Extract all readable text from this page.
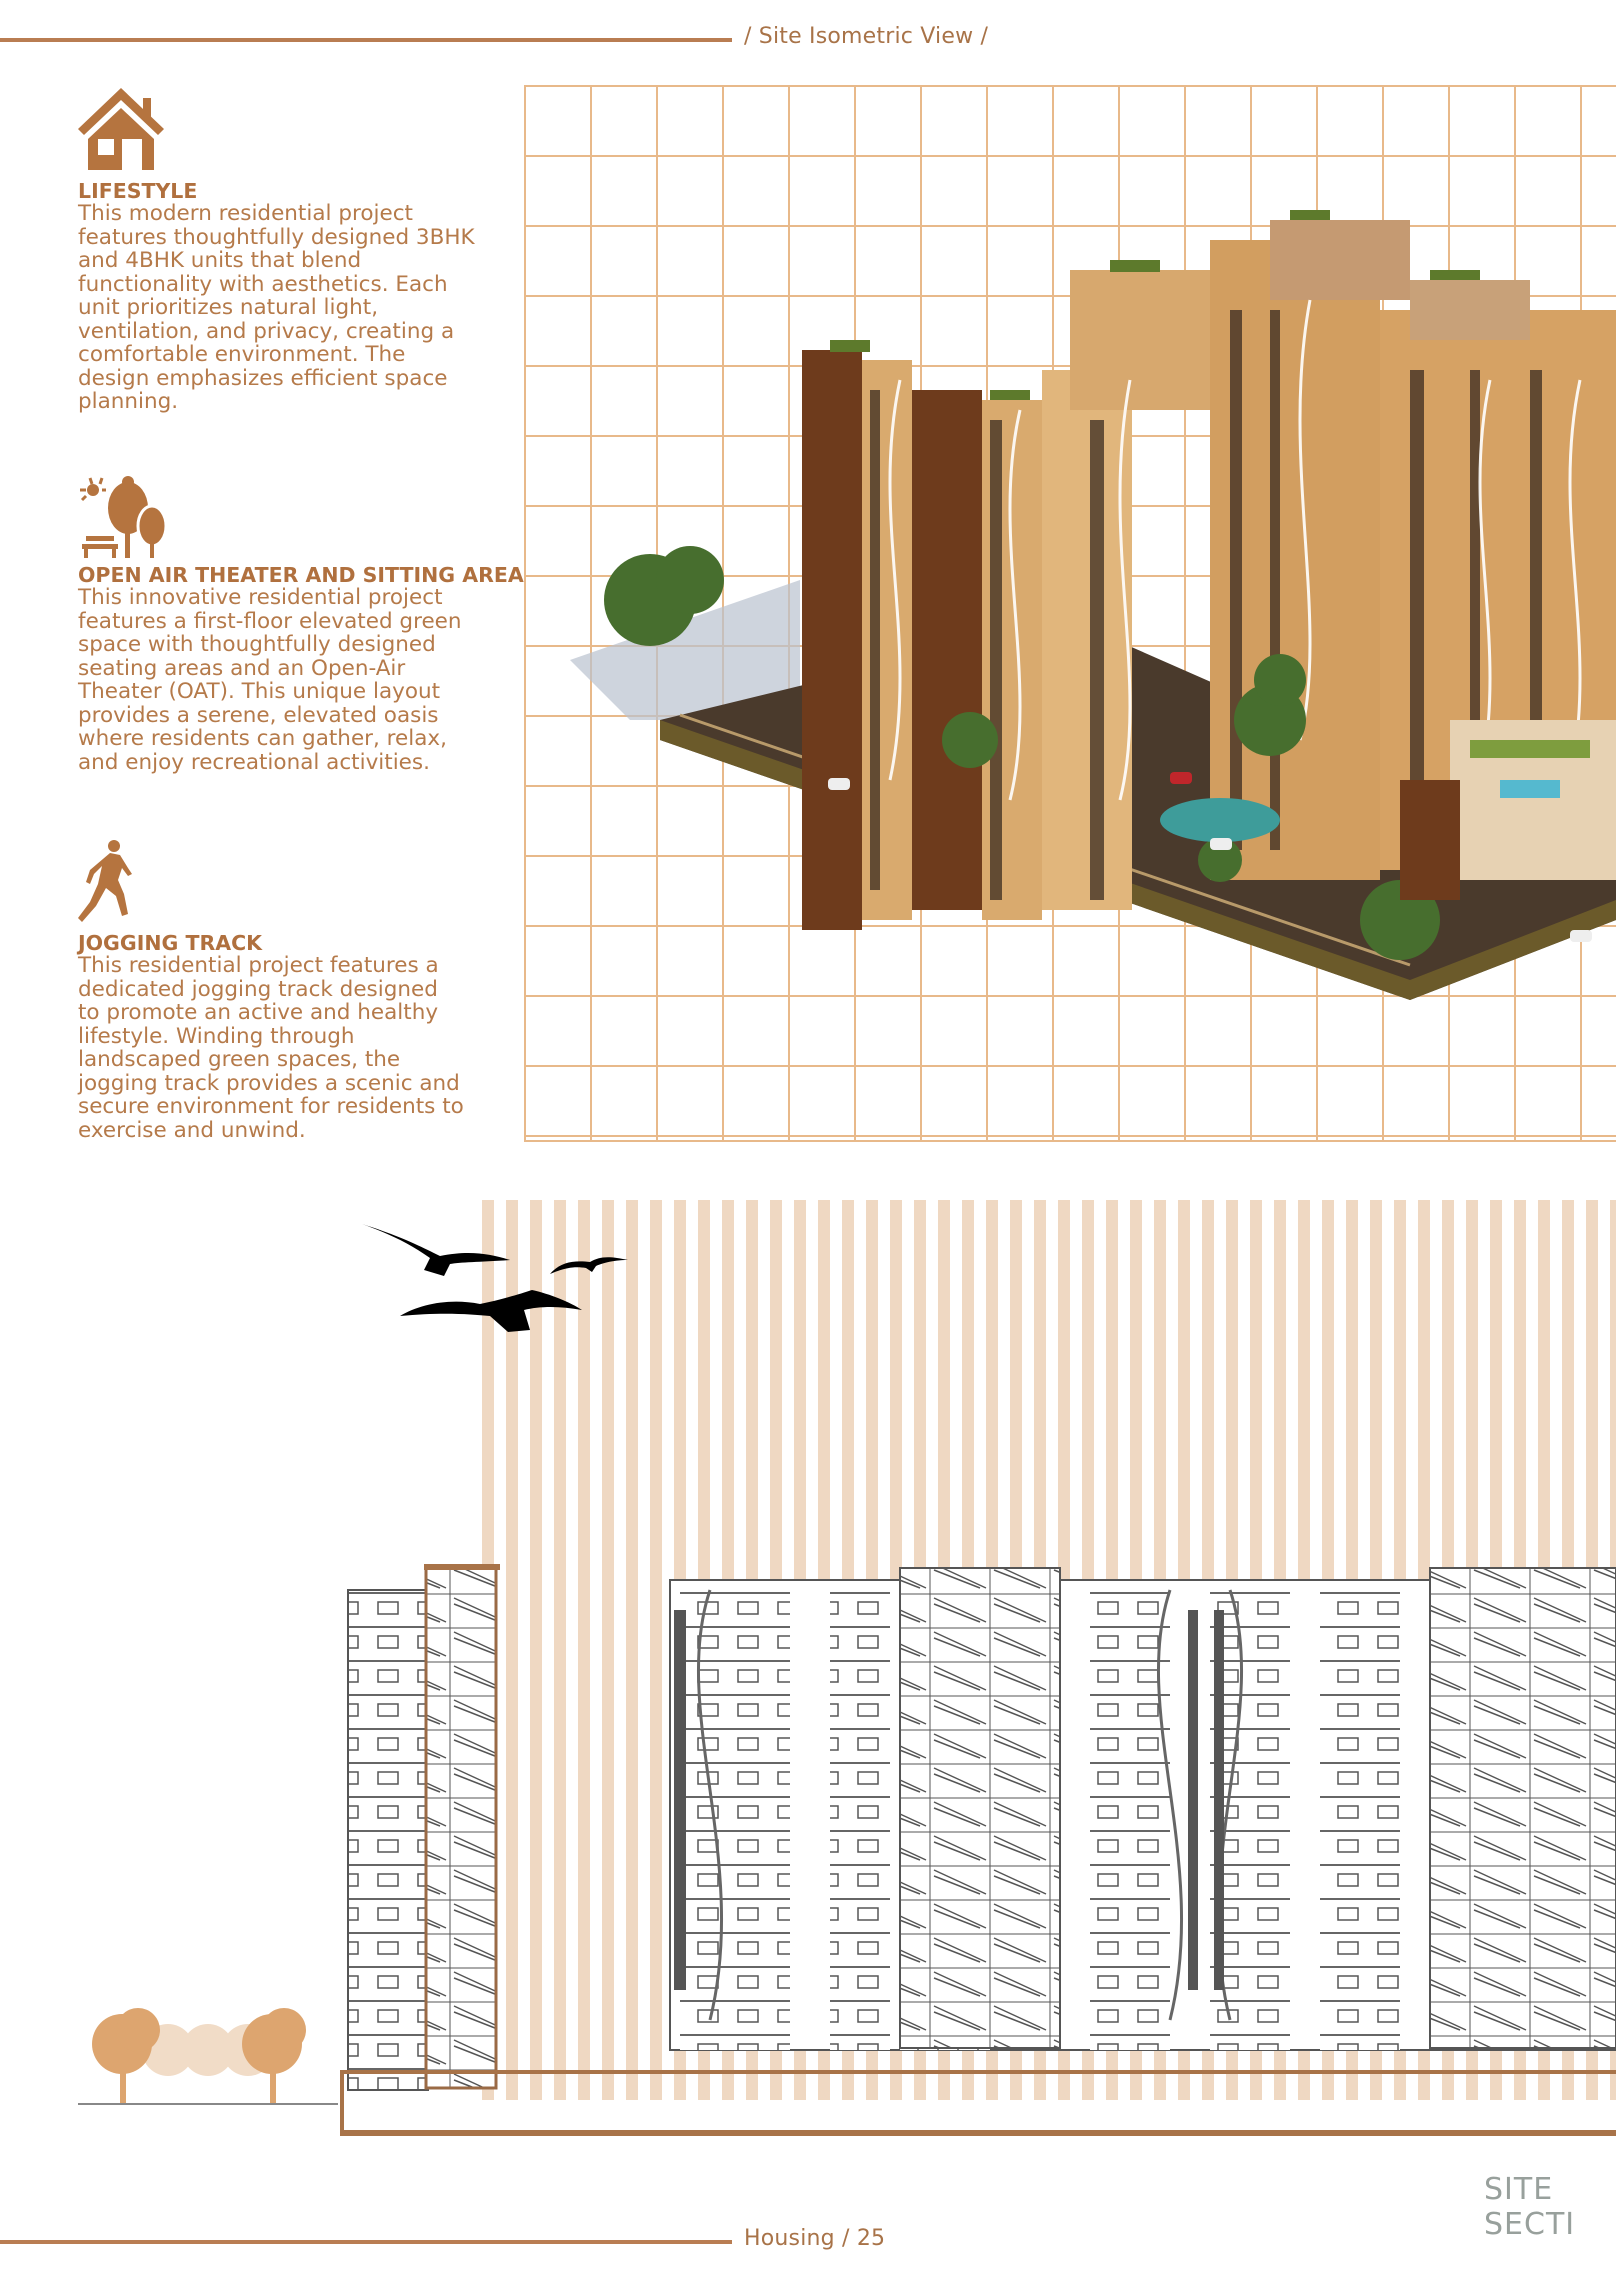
/ Site Isometric View /

LIFESTYLE

This modern residential project
features thoughtfully designed 3BHK
and 4BHK units that blend
functionality with aesthetics. Each
unit prioritizes natural light,
ventilation, and privacy, creating a
comfortable environment. The
design emphasizes efficient space
planning.

OPEN AIR THEATER AND SITTING AREA

This innovative residential project
features a first-floor elevated green
space with thoughtfully designed
seating areas and an Open-Air
Theater (OAT). This unique layout
provides a serene, elevated oasis
where residents can gather, relax,
and enjoy recreational activities.

JOGGING TRACK

This residential project features a
dedicated jogging track designed
to promote an active and healthy
lifestyle. Winding through
landscaped green spaces, the
jogging track provides a scenic and
secure environment for residents to
exercise and unwind.

SITE SECTI
Housing / 25
